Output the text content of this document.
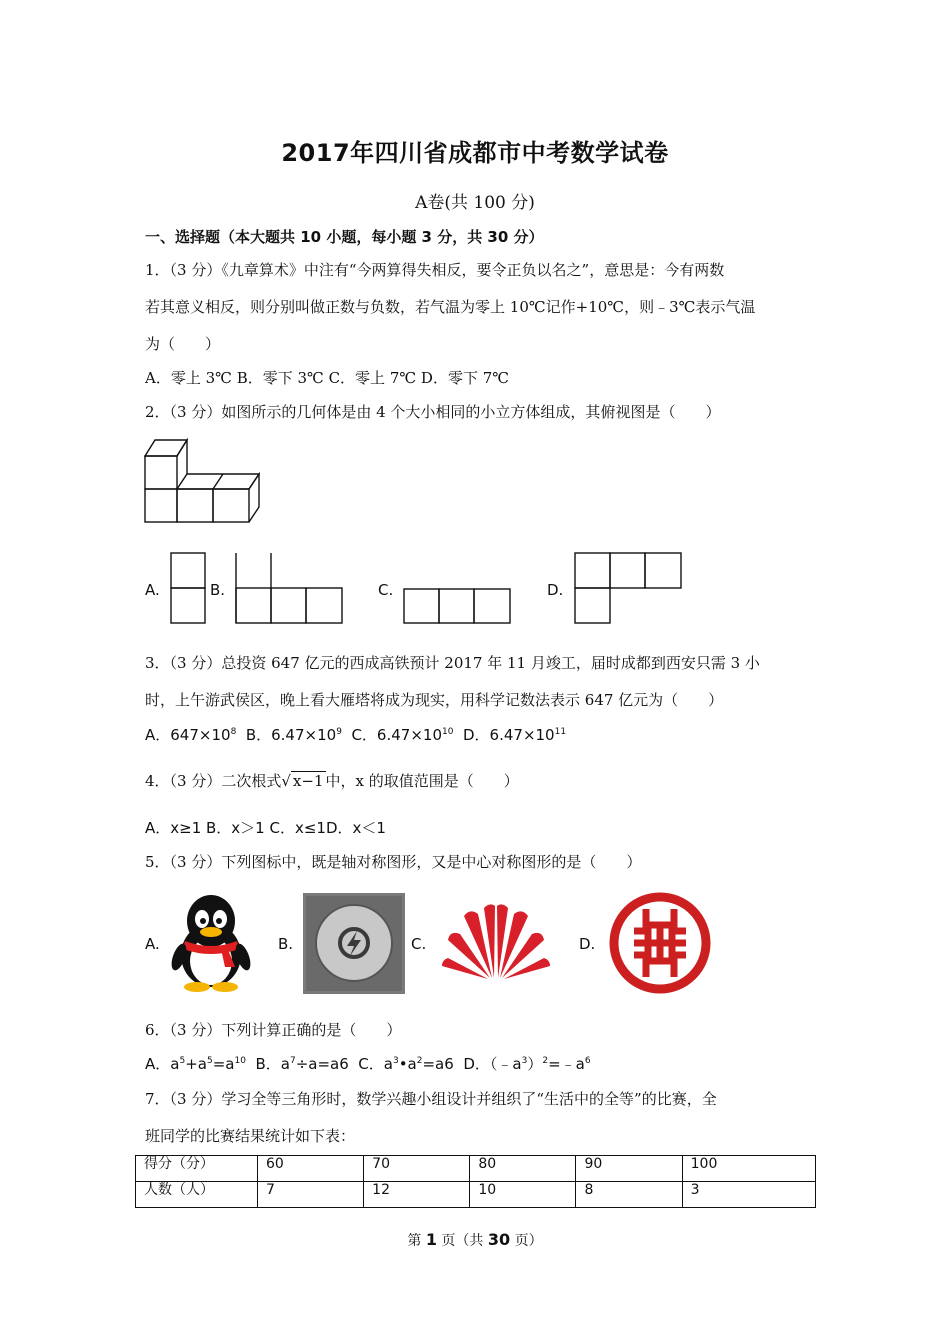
2017年四川省成都市中考数学试卷
A卷(共 100 分)
一、选择题（本大题共 10 小题，每小题 3 分，共 30 分）
1．（3 分）《九章算术》中注有“今两算得失相反，要令正负以名之”，意思是：今有两数
若其意义相反，则分别叫做正数与负数，若气温为零上 10℃记作+10℃，则﹣3℃表示气温
为（　　）
A．零上 3℃ B．零下 3℃ C．零上 7℃ D．零下 7℃
2．（3 分）如图所示的几何体是由 4 个大小相同的小立方体组成，其俯视图是（　　）
A.	B.	C.	D.
3．（3 分）总投资 647 亿元的西成高铁预计 2017 年 11 月竣工，届时成都到西安只需 3 小
时，上午游武侯区，晚上看大雁塔将成为现实，用科学记数法表示 647 亿元为（　　）
A．$647\times 10^8$  B．$6.47\times 10^9$  C．$6.47\times 10^{10}$  D．$6.47\times 10^{11}$
4．（3 分）二次根式√ x−1 中，x 的取值范围是（　　）
A．x≥1 B．x＞1 C．x≤1D．x＜1
5．（3 分）下列图标中，既是轴对称图形，又是中心对称图形的是（　　）
A.	B.	C.	D.
6．（3 分）下列计算正确的是（　　）
A．$a^5+a^5=a^{10}$  B．$a^7\div a=a6$  C．$a^3•a^2=a6$  D．$(﹣a^3)^2=﹣a^6$
7．（3 分）学习全等三角形时，数学兴趣小组设计并组织了“生活中的全等”的比赛，全
班同学的比赛结果统计如下表：
得分（分）	60	70	80	90	100
人数（人）	7	12	10	8	3
第 1 页（共 30 页）
